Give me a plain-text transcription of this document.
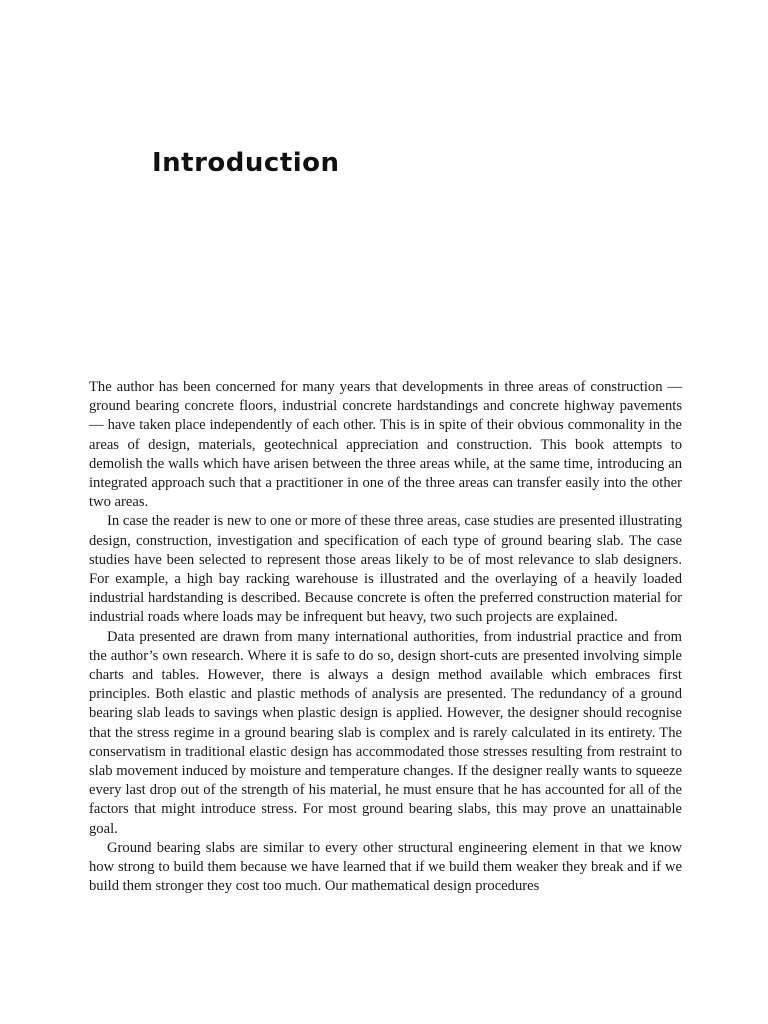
Introduction

The author has been concerned for many years that developments in three areas of construction — ground bearing concrete floors, industrial concrete hardstandings and concrete highway pavements — have taken place independently of each other. This is in spite of their obvious commonality in the areas of design, materials, geotechnical appreciation and construction. This book attempts to demolish the walls which have arisen between the three areas while, at the same time, introducing an integrated approach such that a practitioner in one of the three areas can transfer easily into the other two areas.

In case the reader is new to one or more of these three areas, case studies are presented illustrating design, construction, investigation and specification of each type of ground bearing slab. The case studies have been selected to represent those areas likely to be of most relevance to slab designers. For example, a high bay racking warehouse is illustrated and the overlaying of a heavily loaded industrial hardstanding is described. Because concrete is often the preferred construction material for industrial roads where loads may be infrequent but heavy, two such projects are explained.

Data presented are drawn from many international authorities, from industrial practice and from the author’s own research. Where it is safe to do so, design short-cuts are presented involving simple charts and tables. However, there is always a design method available which embraces first principles. Both elastic and plastic methods of analysis are presented. The redundancy of a ground bearing slab leads to savings when plastic design is applied. However, the designer should recognise that the stress regime in a ground bearing slab is complex and is rarely calculated in its entirety. The conservatism in traditional elastic design has accommodated those stresses resulting from restraint to slab movement induced by moisture and temperature changes. If the designer really wants to squeeze every last drop out of the strength of his material, he must ensure that he has accounted for all of the factors that might introduce stress. For most ground bearing slabs, this may prove an unattainable goal.

Ground bearing slabs are similar to every other structural engineering element in that we know how strong to build them because we have learned that if we build them weaker they break and if we build them stronger they cost too much. Our mathematical design procedures
